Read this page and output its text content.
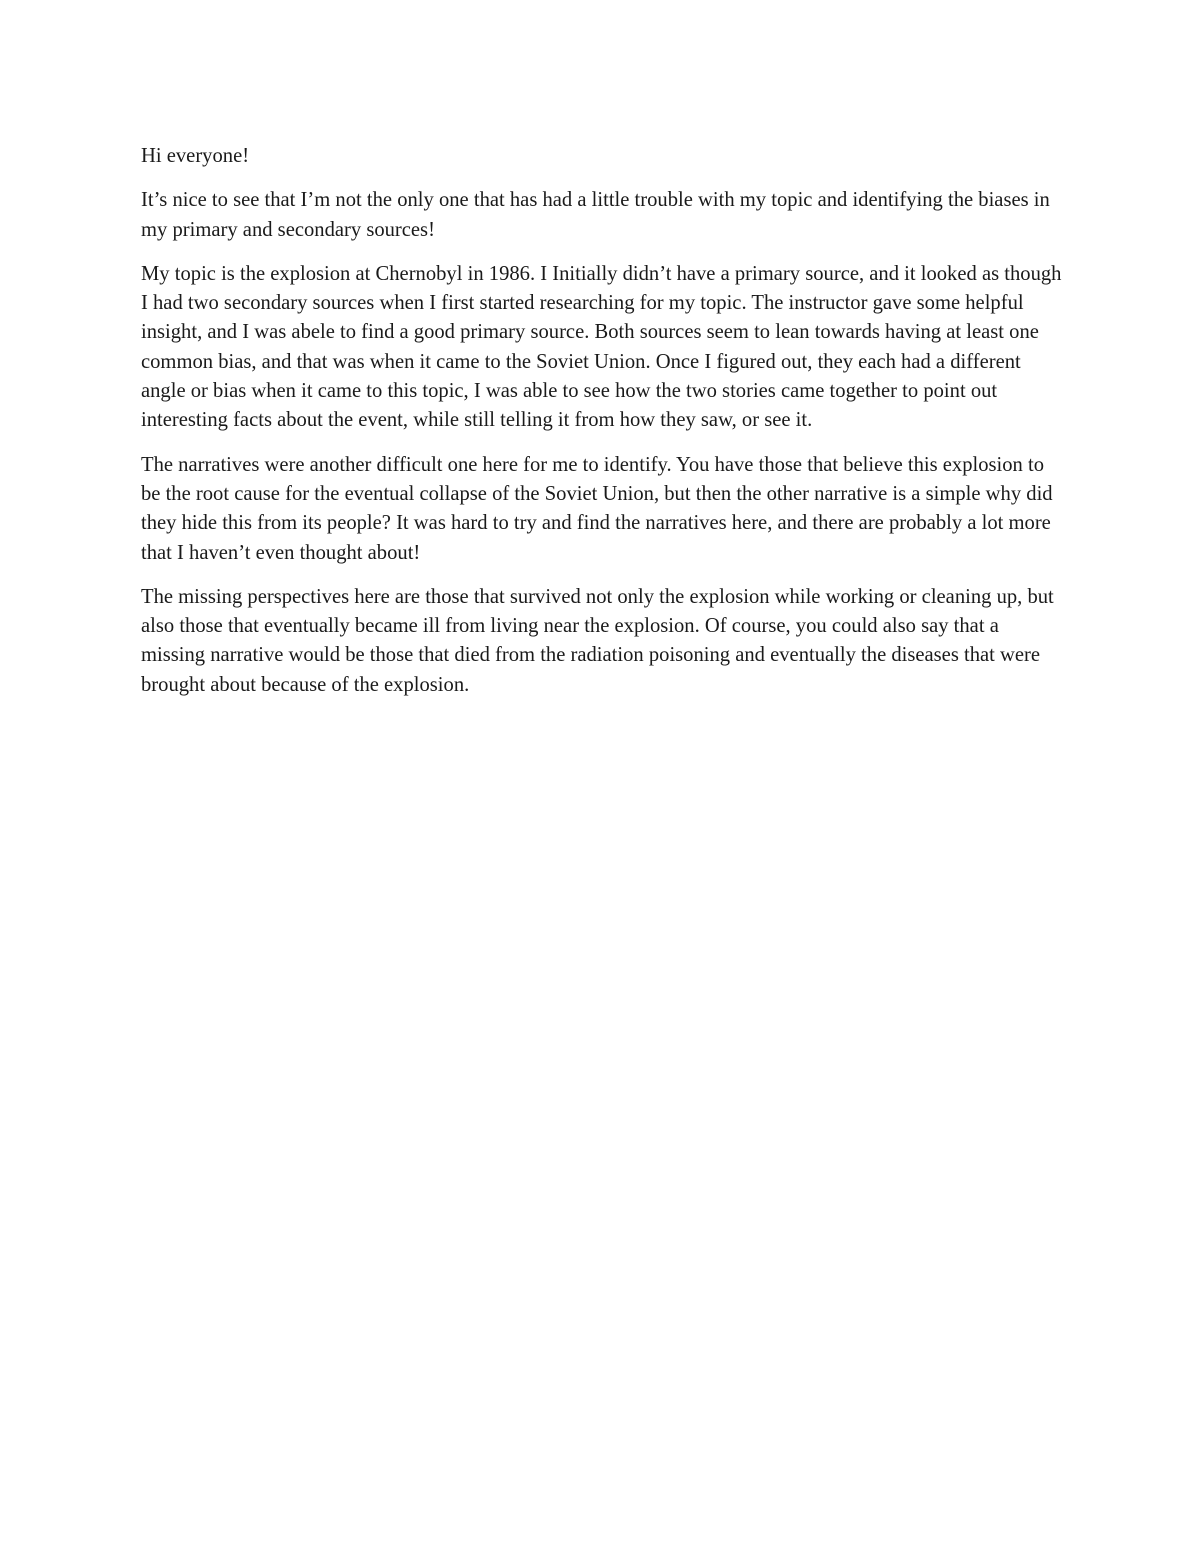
Hi everyone!

It’s nice to see that I’m not the only one that has had a little trouble with my topic and identifying the biases in my primary and secondary sources!

My topic is the explosion at Chernobyl in 1986. I Initially didn’t have a primary source, and it looked as though I had two secondary sources when I first started researching for my topic. The instructor gave some helpful insight, and I was abele to find a good primary source. Both sources seem to lean towards having at least one common bias, and that was when it came to the Soviet Union. Once I figured out, they each had a different angle or bias when it came to this topic, I was able to see how the two stories came together to point out interesting facts about the event, while still telling it from how they saw, or see it.

The narratives were another difficult one here for me to identify. You have those that believe this explosion to be the root cause for the eventual collapse of the Soviet Union, but then the other narrative is a simple why did they hide this from its people? It was hard to try and find the narratives here, and there are probably a lot more that I haven’t even thought about!

The missing perspectives here are those that survived not only the explosion while working or cleaning up, but also those that eventually became ill from living near the explosion. Of course, you could also say that a missing narrative would be those that died from the radiation poisoning and eventually the diseases that were brought about because of the explosion.
